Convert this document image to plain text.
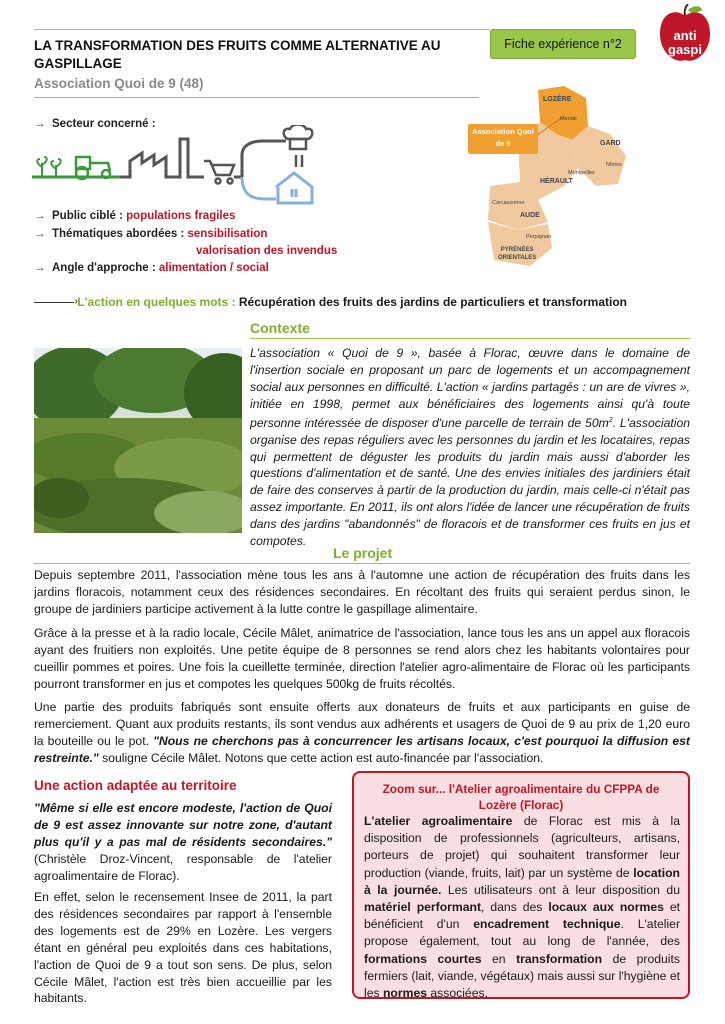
LA TRANSFORMATION DES FRUITS COMME ALTERNATIVE AU GASPILLAGE
Association Quoi de 9 (48)
Fiche expérience n°2
anti
gaspi
→ Secteur concerné :
→ Public ciblé : populations fragiles
→ Thématiques abordées : sensibilisation
valorisation des invendus
→ Angle d'approche : alimentation / social
Association Quoi de 9
LOZÈRE
Mende
GARD
Nîmes
Montpellier
HÉRAULT
Carcassonne
AUDE
Perpignan
PYRÉNÉES
ORIENTALES
› L'action en quelques mots : Récupération des fruits des jardins de particuliers et transformation
Contexte
L'association « Quoi de 9 », basée à Florac, œuvre dans le domaine de l'insertion sociale en proposant un parc de logements et un accompagnement social aux personnes en difficulté. L'action « jardins partagés : un are de vivres », initiée en 1998, permet aux bénéficiaires des logements ainsi qu'à toute personne intéressée de disposer d'une parcelle de terrain de $50m^2$. L'association organise des repas réguliers avec les personnes du jardin et les locataires, repas qui permettent de déguster les produits du jardin mais aussi d'aborder les questions d'alimentation et de santé. Une des envies initiales des jardiniers était de faire des conserves à partir de la production du jardin, mais celle-ci n'était pas assez importante. En 2011, ils ont alors l'idée de lancer une récupération de fruits dans des jardins "abandonnés" de floracois et de transformer ces fruits en jus et compotes.
Le projet
Depuis septembre 2011, l'association mène tous les ans à l'automne une action de récupération des fruits dans les jardins floracois, notamment ceux des résidences secondaires. En récoltant des fruits qui seraient perdus sinon, le groupe de jardiniers participe activement à la lutte contre le gaspillage alimentaire.
Grâce à la presse et à la radio locale, Cécile Mâlet, animatrice de l'association, lance tous les ans un appel aux floracois ayant des fruitiers non exploités. Une petite équipe de 8 personnes se rend alors chez les habitants volontaires pour cueillir pommes et poires. Une fois la cueillette terminée, direction l'atelier agro-alimentaire de Florac où les participants pourront transformer en jus et compotes les quelques 500kg de fruits récoltés.
Une partie des produits fabriqués sont ensuite offerts aux donateurs de fruits et aux participants en guise de remerciement. Quant aux produits restants, ils sont vendus aux adhérents et usagers de Quoi de 9 au prix de 1,20 euro la bouteille ou le pot. "Nous ne cherchons pas à concurrencer les artisans locaux, c'est pourquoi la diffusion est restreinte." souligne Cécile Mâlet. Notons que cette action est auto-financée par l'association.
Une action adaptée au territoire
"Même si elle est encore modeste, l'action de Quoi de 9 est assez innovante sur notre zone, d'autant plus qu'il y a pas mal de résidents secondaires." (Christèle Droz-Vincent, responsable de l'atelier agroalimentaire de Florac).
En effet, selon le recensement Insee de 2011, la part des résidences secondaires par rapport à l'ensemble des logements est de 29% en Lozère. Les vergers étant en général peu exploités dans ces habitations, l'action de Quoi de 9 a tout son sens. De plus, selon Cécile Mâlet, l'action est très bien accueillie par les habitants.
Zoom sur... l'Atelier agroalimentaire du CFPPA de
Lozère (Florac)
L'atelier agroalimentaire de Florac est mis à la disposition de professionnels (agriculteurs, artisans, porteurs de projet) qui souhaitent transformer leur production (viande, fruits, lait) par un système de location à la journée. Les utilisateurs ont à leur disposition du matériel performant, dans des locaux aux normes et bénéficient d'un encadrement technique. L'atelier propose également, tout au long de l'année, des formations courtes en transformation de produits fermiers (lait, viande, végétaux) mais aussi sur l'hygiène et les normes associées.
